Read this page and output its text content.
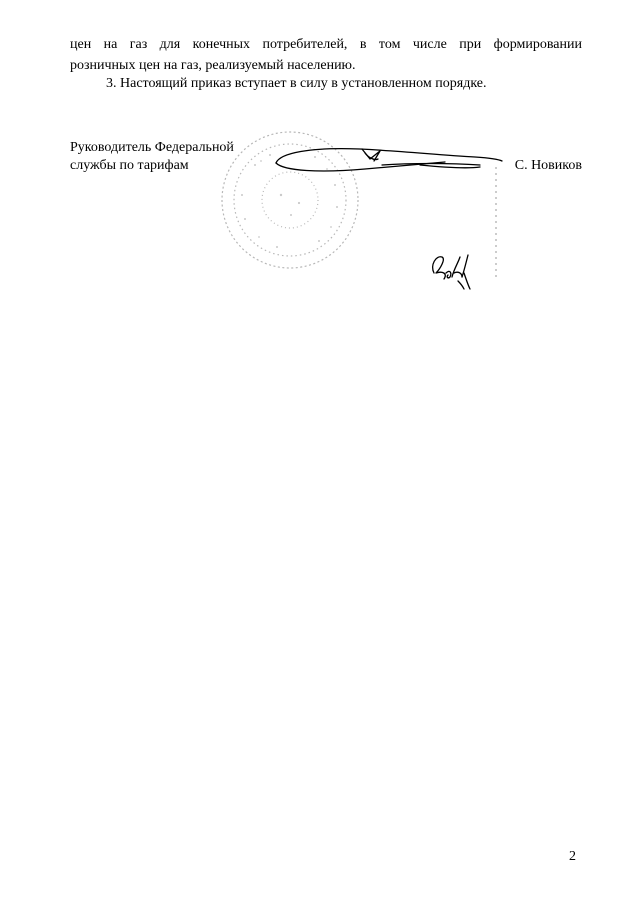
цен на газ для конечных потребителей, в том числе при формировании
розничных цен на газ, реализуемый населению.
3. Настоящий приказ вступает в силу в установленном порядке.
Руководитель Федеральной
службы по тарифам	С. Новиков
2
